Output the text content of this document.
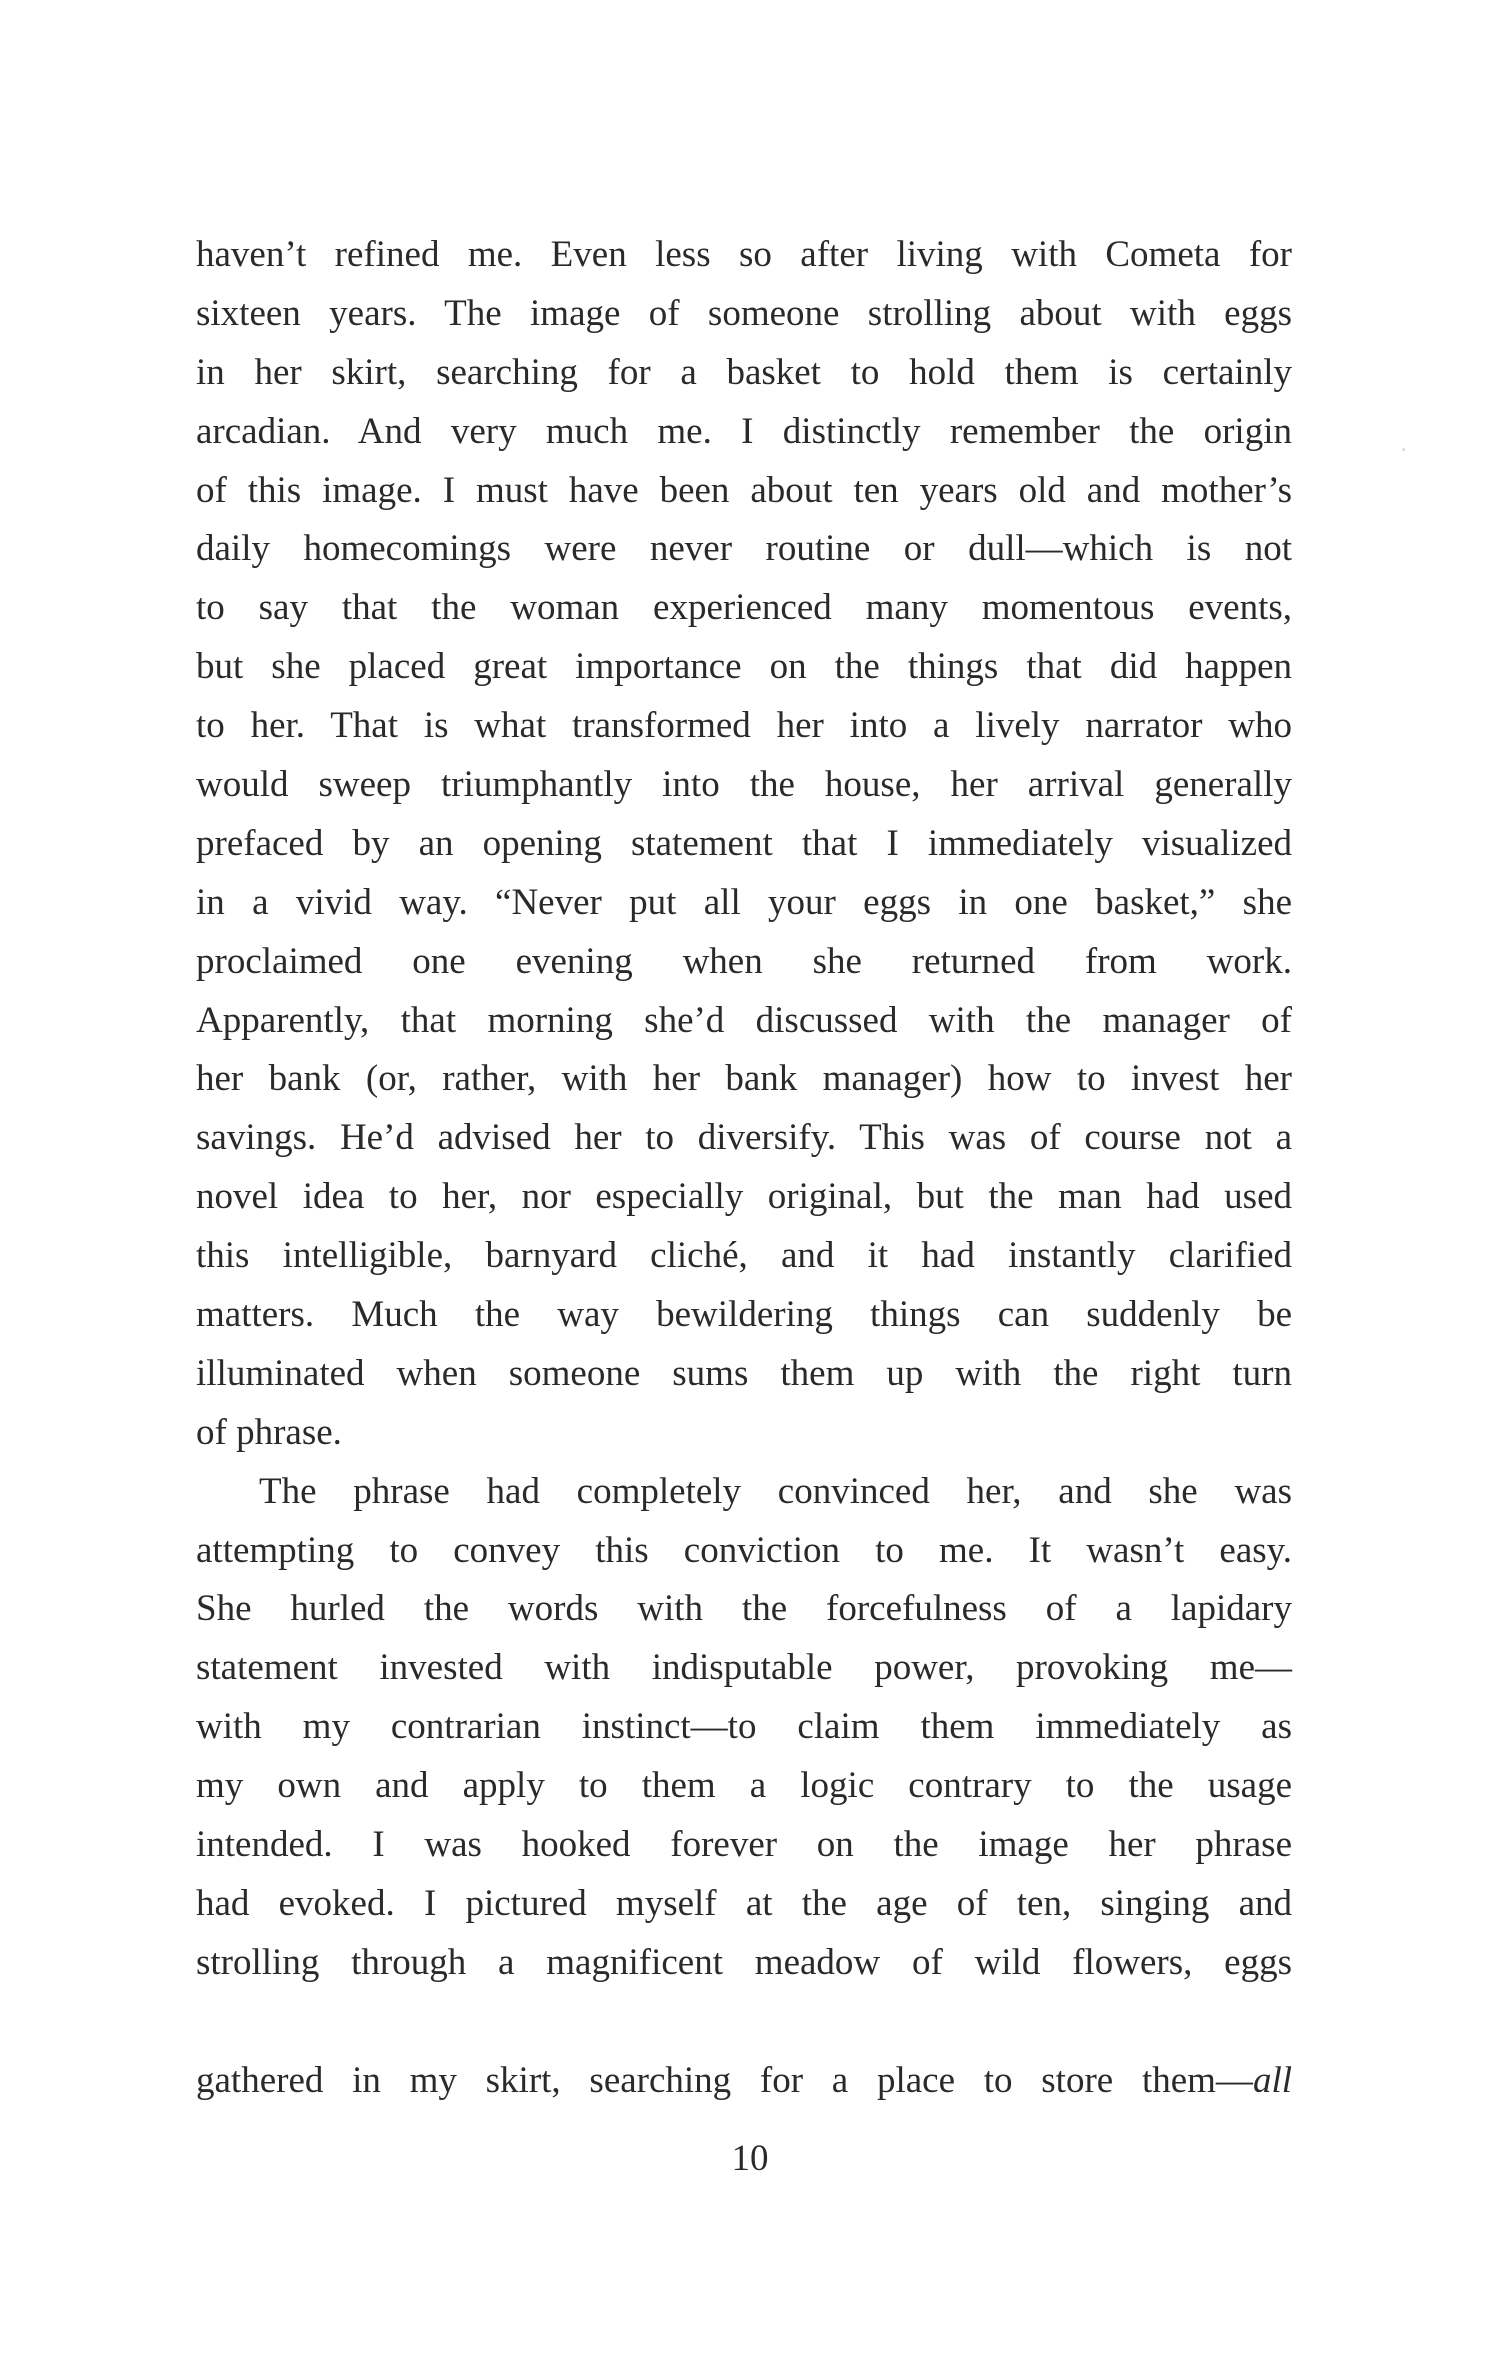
haven’t refined me. Even less so after living with Cometa for
sixteen years. The image of someone strolling about with eggs
in her skirt, searching for a basket to hold them is certainly
arcadian. And very much me. I distinctly remember the origin
of this image. I must have been about ten years old and mother’s
daily homecomings were never routine or dull—which is not
to say that the woman experienced many momentous events,
but she placed great importance on the things that did happen
to her. That is what transformed her into a lively narrator who
would sweep triumphantly into the house, her arrival generally
prefaced by an opening statement that I immediately visualized
in a vivid way. “Never put all your eggs in one basket,” she
proclaimed one evening when she returned from work.
Apparently, that morning she’d discussed with the manager of
her bank (or, rather, with her bank manager) how to invest her
savings. He’d advised her to diversify. This was of course not a
novel idea to her, nor especially original, but the man had used
this intelligible, barnyard cliché, and it had instantly clarified
matters. Much the way bewildering things can suddenly be
illuminated when someone sums them up with the right turn
of phrase.
The phrase had completely convinced her, and she was
attempting to convey this conviction to me. It wasn’t easy.
She hurled the words with the forcefulness of a lapidary
statement invested with indisputable power, provoking me—
with my contrarian instinct—to claim them immediately as
my own and apply to them a logic contrary to the usage
intended. I was hooked forever on the image her phrase
had evoked. I pictured myself at the age of ten, singing and
strolling through a magnificent meadow of wild flowers, eggs
gathered in my skirt, searching for a place to store them—all
10
